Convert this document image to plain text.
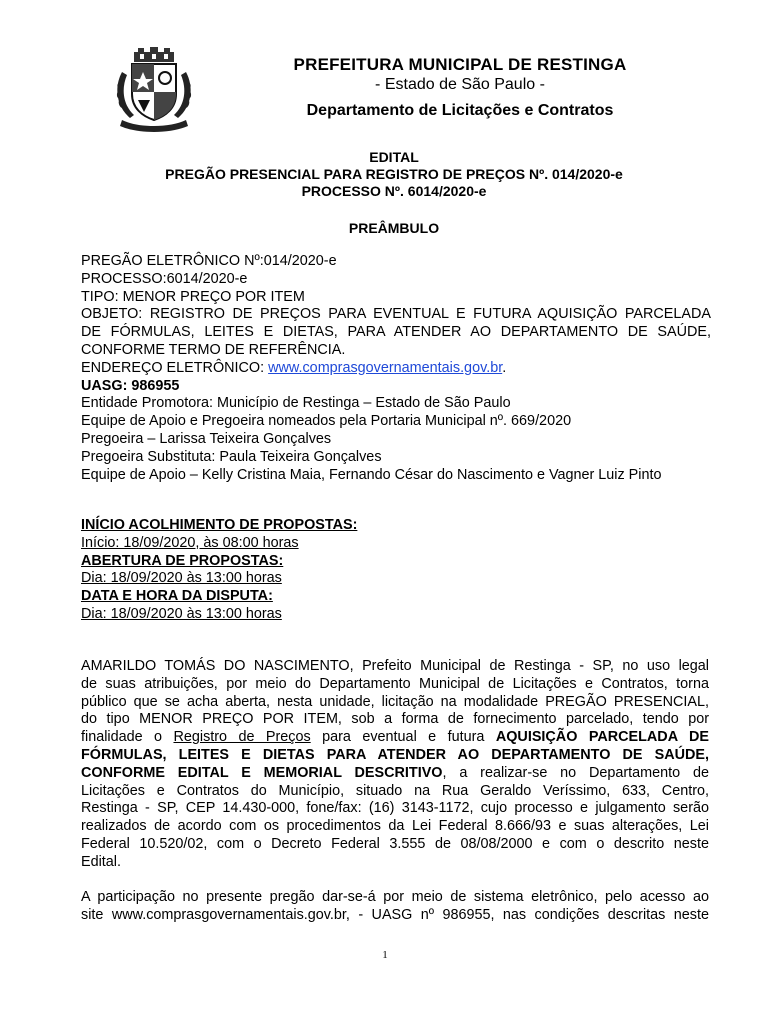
PREFEITURA MUNICIPAL DE RESTINGA
- Estado de São Paulo -
Departamento de Licitações e Contratos
EDITAL
PREGÃO PRESENCIAL PARA REGISTRO DE PREÇOS Nº. 014/2020-e
PROCESSO Nº. 6014/2020-e
PREÂMBULO
PREGÃO ELETRÔNICO Nº:014/2020-e
PROCESSO:6014/2020-e
TIPO: MENOR PREÇO POR ITEM
OBJETO: REGISTRO DE PREÇOS PARA EVENTUAL E FUTURA AQUISIÇÃO PARCELADA
DE FÓRMULAS, LEITES E DIETAS, PARA ATENDER AO DEPARTAMENTO DE SAÚDE,
CONFORME TERMO DE REFERÊNCIA.
ENDEREÇO ELETRÔNICO: www.comprasgovernamentais.gov.br.
UASG: 986955
Entidade Promotora: Município de Restinga – Estado de São Paulo
Equipe de Apoio e Pregoeira nomeados pela Portaria Municipal nº. 669/2020
Pregoeira – Larissa Teixeira Gonçalves
Pregoeira Substituta: Paula Teixeira Gonçalves
Equipe de Apoio – Kelly Cristina Maia, Fernando César do Nascimento e Vagner Luiz Pinto
INÍCIO ACOLHIMENTO DE PROPOSTAS:
Início: 18/09/2020, às 08:00 horas
ABERTURA DE PROPOSTAS:
Dia: 18/09/2020 às 13:00 horas
DATA E HORA DA DISPUTA:
Dia: 18/09/2020 às 13:00 horas
AMARILDO TOMÁS DO NASCIMENTO, Prefeito Municipal de Restinga - SP, no uso legal
de suas atribuições, por meio do Departamento Municipal de Licitações e Contratos, torna
público que se acha aberta, nesta unidade, licitação na modalidade PREGÃO PRESENCIAL,
do tipo MENOR PREÇO POR ITEM, sob a forma de fornecimento parcelado, tendo por
finalidade o Registro de Preços para eventual e futura AQUISIÇÃO PARCELADA DE
FÓRMULAS, LEITES E DIETAS PARA ATENDER AO DEPARTAMENTO DE SAÚDE,
CONFORME EDITAL E MEMORIAL DESCRITIVO, a realizar-se no Departamento de
Licitações e Contratos do Município, situado na Rua Geraldo Veríssimo, 633, Centro,
Restinga - SP, CEP 14.430-000, fone/fax: (16) 3143-1172, cujo processo e julgamento serão
realizados de acordo com os procedimentos da Lei Federal 8.666/93 e suas alterações, Lei
Federal 10.520/02, com o Decreto Federal 3.555 de 08/08/2000 e com o descrito neste
Edital.
A participação no presente pregão dar-se-á por meio de sistema eletrônico, pelo acesso ao
site www.comprasgovernamentais.gov.br, - UASG nº 986955, nas condições descritas neste
1
